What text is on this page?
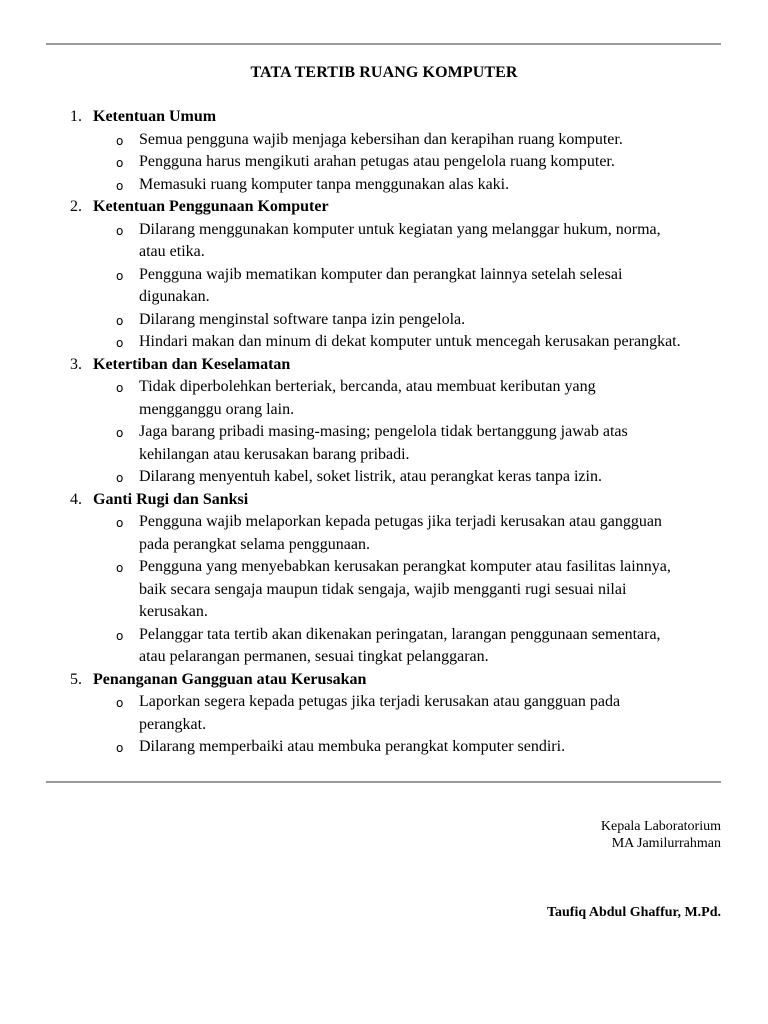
TATA TERTIB RUANG KOMPUTER
1. Ketentuan Umum
o Semua pengguna wajib menjaga kebersihan dan kerapihan ruang komputer.
o Pengguna harus mengikuti arahan petugas atau pengelola ruang komputer.
o Memasuki ruang komputer tanpa menggunakan alas kaki.
2. Ketentuan Penggunaan Komputer
o Dilarang menggunakan komputer untuk kegiatan yang melanggar hukum, norma, atau etika.
o Pengguna wajib mematikan komputer dan perangkat lainnya setelah selesai digunakan.
o Dilarang menginstal software tanpa izin pengelola.
o Hindari makan dan minum di dekat komputer untuk mencegah kerusakan perangkat.
3. Ketertiban dan Keselamatan
o Tidak diperbolehkan berteriak, bercanda, atau membuat keributan yang mengganggu orang lain.
o Jaga barang pribadi masing-masing; pengelola tidak bertanggung jawab atas kehilangan atau kerusakan barang pribadi.
o Dilarang menyentuh kabel, soket listrik, atau perangkat keras tanpa izin.
4. Ganti Rugi dan Sanksi
o Pengguna wajib melaporkan kepada petugas jika terjadi kerusakan atau gangguan pada perangkat selama penggunaan.
o Pengguna yang menyebabkan kerusakan perangkat komputer atau fasilitas lainnya, baik secara sengaja maupun tidak sengaja, wajib mengganti rugi sesuai nilai kerusakan.
o Pelanggar tata tertib akan dikenakan peringatan, larangan penggunaan sementara, atau pelarangan permanen, sesuai tingkat pelanggaran.
5. Penanganan Gangguan atau Kerusakan
o Laporkan segera kepada petugas jika terjadi kerusakan atau gangguan pada perangkat.
o Dilarang memperbaiki atau membuka perangkat komputer sendiri.
Kepala Laboratorium
MA Jamilurrahman
Taufiq Abdul Ghaffur, M.Pd.
